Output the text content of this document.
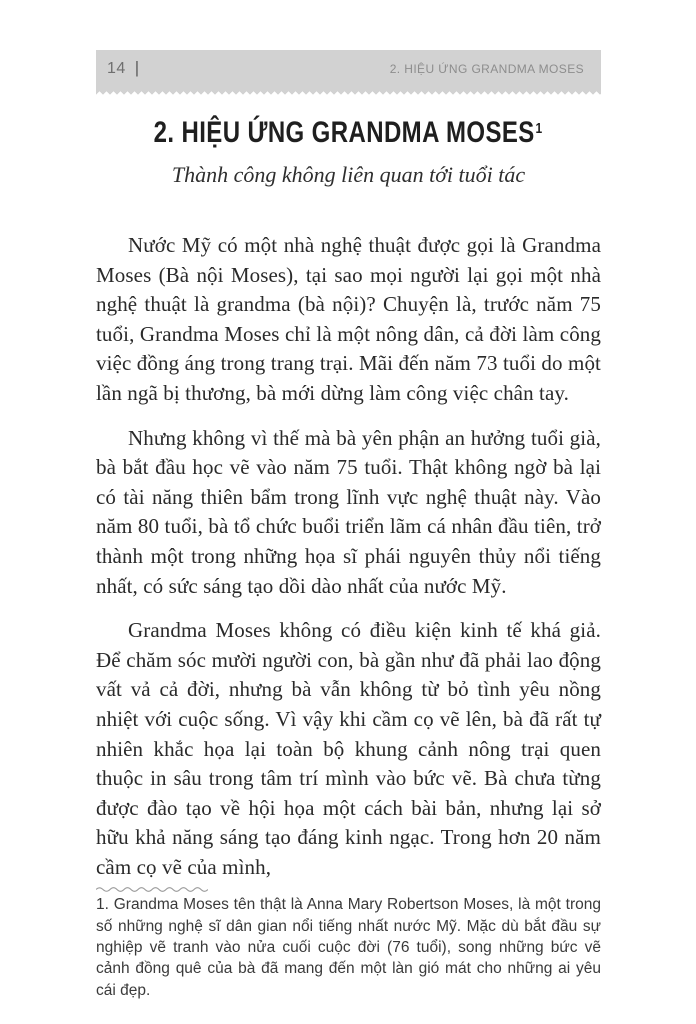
14 |	2. HIỆU ỨNG GRANDMA MOSES
2. HIỆU ỨNG GRANDMA MOSES$^1$
Thành công không liên quan tới tuổi tác

Nước Mỹ có một nhà nghệ thuật được gọi là Grandma Moses (Bà nội Moses), tại sao mọi người lại gọi một nhà nghệ thuật là grandma (bà nội)? Chuyện là, trước năm 75 tuổi, Grandma Moses chỉ là một nông dân, cả đời làm công việc đồng áng trong trang trại. Mãi đến năm 73 tuổi do một lần ngã bị thương, bà mới dừng làm công việc chân tay.

Nhưng không vì thế mà bà yên phận an hưởng tuổi già, bà bắt đầu học vẽ vào năm 75 tuổi. Thật không ngờ bà lại có tài năng thiên bẩm trong lĩnh vực nghệ thuật này. Vào năm 80 tuổi, bà tổ chức buổi triển lãm cá nhân đầu tiên, trở thành một trong những họa sĩ phái nguyên thủy nổi tiếng nhất, có sức sáng tạo dồi dào nhất của nước Mỹ.

Grandma Moses không có điều kiện kinh tế khá giả. Để chăm sóc mười người con, bà gần như đã phải lao động vất vả cả đời, nhưng bà vẫn không từ bỏ tình yêu nồng nhiệt với cuộc sống. Vì vậy khi cầm cọ vẽ lên, bà đã rất tự nhiên khắc họa lại toàn bộ khung cảnh nông trại quen thuộc in sâu trong tâm trí mình vào bức vẽ. Bà chưa từng được đào tạo về hội họa một cách bài bản, nhưng lại sở hữu khả năng sáng tạo đáng kinh ngạc. Trong hơn 20 năm cầm cọ vẽ của mình,

1. Grandma Moses tên thật là Anna Mary Robertson Moses, là một trong số những nghệ sĩ dân gian nổi tiếng nhất nước Mỹ. Mặc dù bắt đầu sự nghiệp vẽ tranh vào nửa cuối cuộc đời (76 tuổi), song những bức vẽ cảnh đồng quê của bà đã mang đến một làn gió mát cho những ai yêu cái đẹp.
